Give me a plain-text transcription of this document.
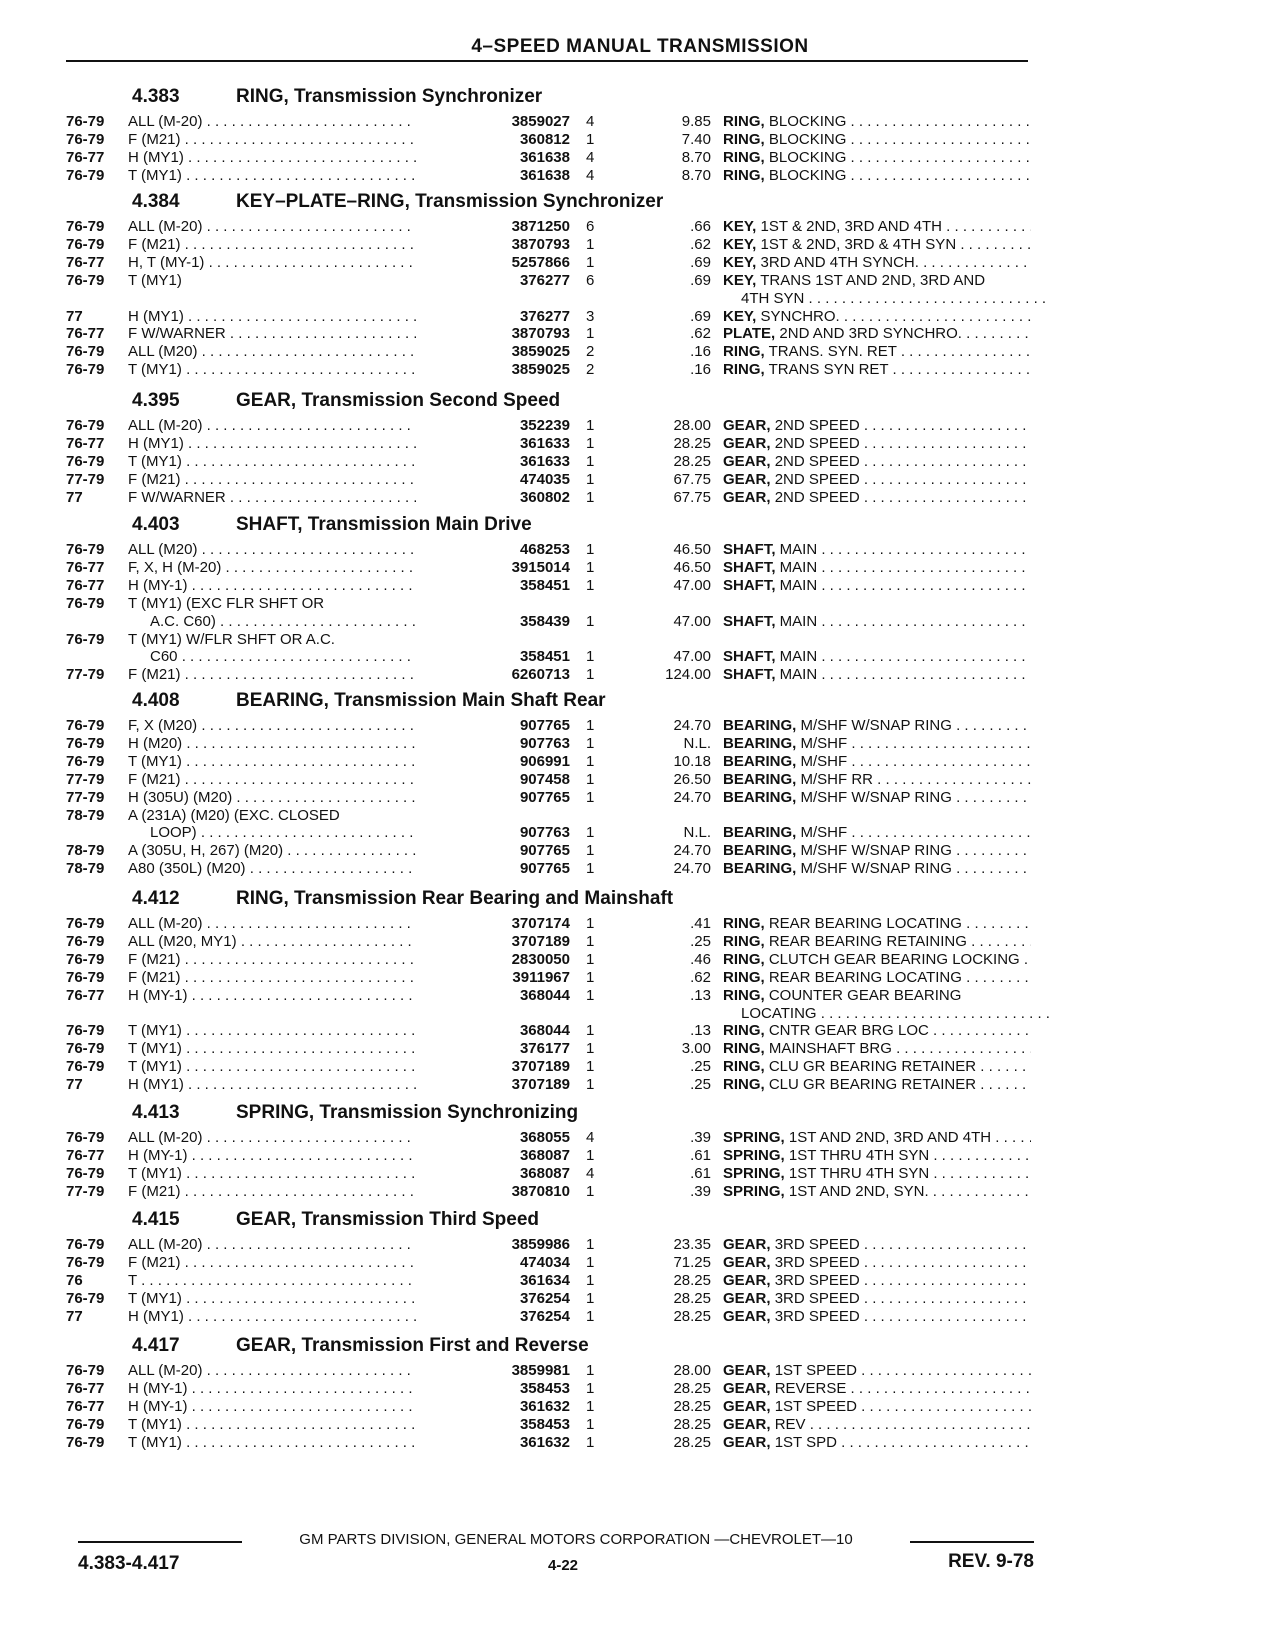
4–SPEED MANUAL TRANSMISSION
4.383	RING, Transmission Synchronizer
76-79	ALL (M-20) . . .	3859027 4	9.85 RING, BLOCKING . . .
76-79	F (M21) . . .	360812 1	7.40 RING, BLOCKING . . .
76-77	H (MY1) . . .	361638 4	8.70 RING, BLOCKING . . .
76-79	T (MY1) . . .	361638 4	8.70 RING, BLOCKING . . .
4.384	KEY–PLATE–RING, Transmission Synchronizer
76-79	ALL (M-20) . . .	3871250 6	.66 KEY, 1ST & 2ND, 3RD AND 4TH . . .
76-79	F (M21) . . .	3870793 1	.62 KEY, 1ST & 2ND, 3RD & 4TH SYN . . .
76-77	H, T (MY-1) . . .	5257866 1	.69 KEY, 3RD AND 4TH SYNCH. . . .
76-79	T (MY1)	376277 6	.69 KEY, TRANS 1ST AND 2ND, 3RD AND
4TH SYN . . .
77	H (MY1) . . .	376277 3	.69 KEY, SYNCHRO. . . .
76-77	F W/WARNER . . .	3870793 1	.62 PLATE, 2ND AND 3RD SYNCHRO. . . .
76-79	ALL (M20) . . .	3859025 2	.16 RING, TRANS. SYN. RET . . .
76-79	T (MY1) . . .	3859025 2	.16 RING, TRANS SYN RET . . .
4.395	GEAR, Transmission Second Speed
76-79	ALL (M-20) . . .	352239 1	28.00 GEAR, 2ND SPEED . . .
76-77	H (MY1) . . .	361633 1	28.25 GEAR, 2ND SPEED . . .
76-79	T (MY1) . . .	361633 1	28.25 GEAR, 2ND SPEED . . .
77-79	F (M21) . . .	474035 1	67.75 GEAR, 2ND SPEED . . .
77	F W/WARNER . . .	360802 1	67.75 GEAR, 2ND SPEED . . .
4.403	SHAFT, Transmission Main Drive
76-79	ALL (M20) . . .	468253 1	46.50 SHAFT, MAIN . . .
76-77	F, X, H (M-20) . . .	3915014 1	46.50 SHAFT, MAIN . . .
76-77	H (MY-1) . . .	358451 1	47.00 SHAFT, MAIN . . .
76-79	T (MY1) (EXC FLR SHFT OR
A.C. C60) . . .	358439 1	47.00 SHAFT, MAIN . . .
76-79	T (MY1) W/FLR SHFT OR A.C.
C60 . . .	358451 1	47.00 SHAFT, MAIN . . .
77-79	F (M21) . . .	6260713 1	124.00 SHAFT, MAIN . . .
4.408	BEARING, Transmission Main Shaft Rear
76-79	F, X (M20) . . .	907765 1	24.70 BEARING, M/SHF W/SNAP RING . . .
76-79	H (M20) . . .	907763 1	N.L. BEARING, M/SHF . . .
76-79	T (MY1) . . .	906991 1	10.18 BEARING, M/SHF . . .
77-79	F (M21) . . .	907458 1	26.50 BEARING, M/SHF RR . . .
77-79	H (305U) (M20) . . .	907765 1	24.70 BEARING, M/SHF W/SNAP RING . . .
78-79	A (231A) (M20) (EXC. CLOSED
LOOP) . . .	907763 1	N.L. BEARING, M/SHF . . .
78-79	A (305U, H, 267) (M20) . . .	907765 1	24.70 BEARING, M/SHF W/SNAP RING . . .
78-79	A80 (350L) (M20) . . .	907765 1	24.70 BEARING, M/SHF W/SNAP RING . . .
4.412	RING, Transmission Rear Bearing and Mainshaft
76-79	ALL (M-20) . . .	3707174 1	.41 RING, REAR BEARING LOCATING . . .
76-79	ALL (M20, MY1) . . .	3707189 1	.25 RING, REAR BEARING RETAINING . . .
76-79	F (M21) . . .	2830050 1	.46 RING, CLUTCH GEAR BEARING LOCKING . . . .
76-79	F (M21) . . .	3911967 1	.62 RING, REAR BEARING LOCATING . . .
76-77	H (MY-1) . . .	368044 1	.13 RING, COUNTER GEAR BEARING
LOCATING . . .
76-79	T (MY1) . . .	368044 1	.13 RING, CNTR GEAR BRG LOC . . .
76-79	T (MY1) . . .	376177 1	3.00 RING, MAINSHAFT BRG . . .
76-79	T (MY1) . . .	3707189 1	.25 RING, CLU GR BEARING RETAINER . . .
77	H (MY1) . . .	3707189 1	.25 RING, CLU GR BEARING RETAINER . . .
4.413	SPRING, Transmission Synchronizing
76-79	ALL (M-20) . . .	368055 4	.39 SPRING, 1ST AND 2ND, 3RD AND 4TH . . . . .
76-77	H (MY-1) . . .	368087 1	.61 SPRING, 1ST THRU 4TH SYN . . .
76-79	T (MY1) . . .	368087 4	.61 SPRING, 1ST THRU 4TH SYN . . .
77-79	F (M21) . . .	3870810 1	.39 SPRING, 1ST AND 2ND, SYN. . . .
4.415	GEAR, Transmission Third Speed
76-79	ALL (M-20) . . .	3859986 1	23.35 GEAR, 3RD SPEED . . .
76-79	F (M21) . . .	474034 1	71.25 GEAR, 3RD SPEED . . .
76	T . . .	361634 1	28.25 GEAR, 3RD SPEED . . .
76-79	T (MY1) . . .	376254 1	28.25 GEAR, 3RD SPEED . . .
77	H (MY1) . . .	376254 1	28.25 GEAR, 3RD SPEED . . .
4.417	GEAR, Transmission First and Reverse
76-79	ALL (M-20) . . .	3859981 1	28.00 GEAR, 1ST SPEED . . .
76-77	H (MY-1) . . .	358453 1	28.25 GEAR, REVERSE . . .
76-77	H (MY-1) . . .	361632 1	28.25 GEAR, 1ST SPEED . . .
76-79	T (MY1) . . .	358453 1	28.25 GEAR, REV . . .
76-79	T (MY1) . . .	361632 1	28.25 GEAR, 1ST SPD . . .
GM PARTS DIVISION, GENERAL MOTORS CORPORATION —CHEVROLET—10
4.383-4.417	4-22	REV. 9-78
